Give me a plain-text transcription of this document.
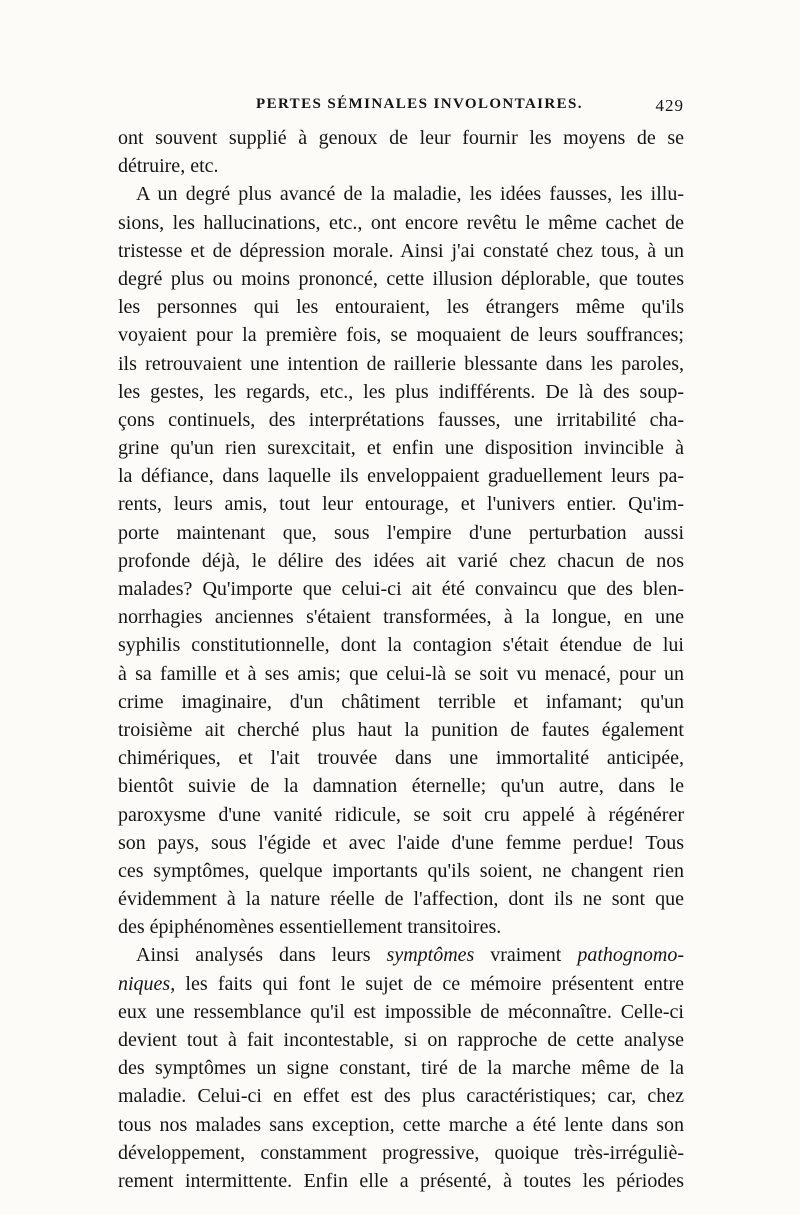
PERTES SÉMINALES INVOLONTAIRES.	429
ont souvent supplié à genoux de leur fournir les moyens de se
détruire, etc.
A un degré plus avancé de la maladie, les idées fausses, les illu-
sions, les hallucinations, etc., ont encore revêtu le même cachet de
tristesse et de dépression morale. Ainsi j'ai constaté chez tous, à un
degré plus ou moins prononcé, cette illusion déplorable, que toutes
les personnes qui les entouraient, les étrangers même qu'ils
voyaient pour la première fois, se moquaient de leurs souffrances;
ils retrouvaient une intention de raillerie blessante dans les paroles,
les gestes, les regards, etc., les plus indifférents. De là des soup-
çons continuels, des interprétations fausses, une irritabilité cha-
grine qu'un rien surexcitait, et enfin une disposition invincible à
la défiance, dans laquelle ils enveloppaient graduellement leurs pa-
rents, leurs amis, tout leur entourage, et l'univers entier. Qu'im-
porte maintenant que, sous l'empire d'une perturbation aussi
profonde déjà, le délire des idées ait varié chez chacun de nos
malades? Qu'importe que celui-ci ait été convaincu que des blen-
norrhagies anciennes s'étaient transformées, à la longue, en une
syphilis constitutionnelle, dont la contagion s'était étendue de lui
à sa famille et à ses amis; que celui-là se soit vu menacé, pour un
crime imaginaire, d'un châtiment terrible et infamant; qu'un
troisième ait cherché plus haut la punition de fautes également
chimériques, et l'ait trouvée dans une immortalité anticipée,
bientôt suivie de la damnation éternelle; qu'un autre, dans le
paroxysme d'une vanité ridicule, se soit cru appelé à régénérer
son pays, sous l'égide et avec l'aide d'une femme perdue! Tous
ces symptômes, quelque importants qu'ils soient, ne changent rien
évidemment à la nature réelle de l'affection, dont ils ne sont que
des épiphénomènes essentiellement transitoires.
Ainsi analysés dans leurs symptômes vraiment pathognomo-
niques, les faits qui font le sujet de ce mémoire présentent entre
eux une ressemblance qu'il est impossible de méconnaître. Celle-ci
devient tout à fait incontestable, si on rapproche de cette analyse
des symptômes un signe constant, tiré de la marche même de la
maladie. Celui-ci en effet est des plus caractéristiques; car, chez
tous nos malades sans exception, cette marche a été lente dans son
développement, constamment progressive, quoique très-irréguliè-
rement intermittente. Enfin elle a présenté, à toutes les périodes
